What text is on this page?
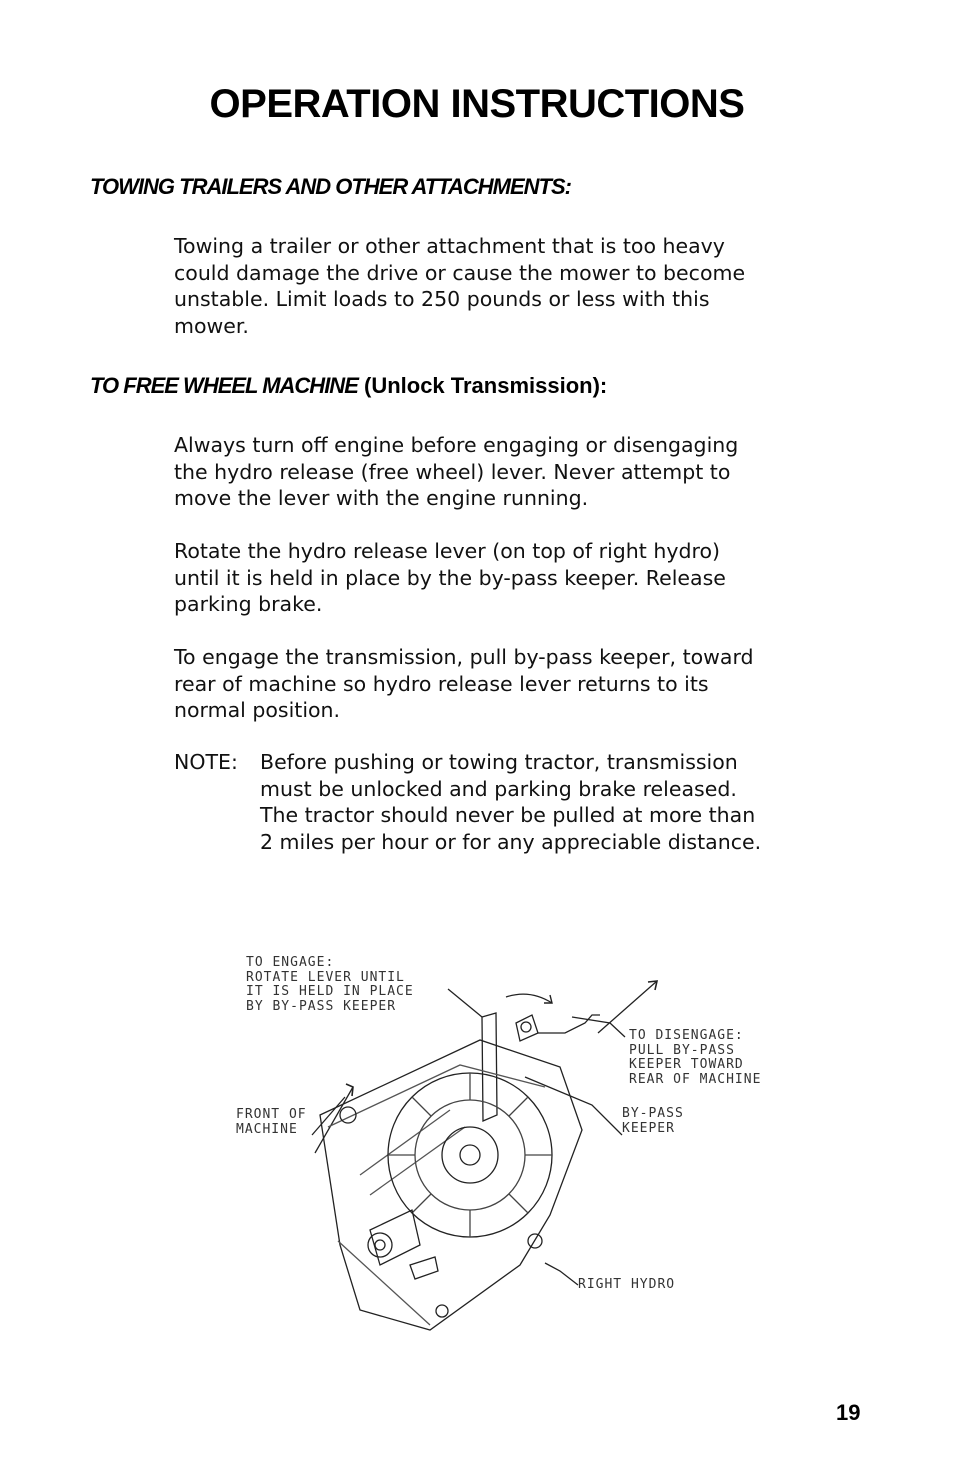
OPERATION INSTRUCTIONS
TOWING TRAILERS AND OTHER ATTACHMENTS:

Towing a trailer or other attachment that is too heavy
could damage the drive or cause the mower to become
unstable. Limit loads to 250 pounds or less with this
mower.

TO FREE WHEEL MACHINE (Unlock Transmission):

Always turn off engine before engaging or disengaging
the hydro release (free wheel) lever. Never attempt to
move the lever with the engine running.

Rotate the hydro release lever (on top of right hydro)
until it is held in place by the by-pass keeper. Release
parking brake.

To engage the transmission, pull by-pass keeper, toward
rear of machine so hydro release lever returns to its
normal position.

NOTE: Before pushing or towing tractor, transmission
must be unlocked and parking brake released.
The tractor should never be pulled at more than
2 miles per hour or for any appreciable distance.

TO ENGAGE:
ROTATE LEVER UNTIL
IT IS HELD IN PLACE
BY BY-PASS KEEPER

TO DISENGAGE:
PULL BY-PASS
KEEPER TOWARD
REAR OF MACHINE

FRONT OF
MACHINE

BY-PASS
KEEPER

RIGHT HYDRO

19
